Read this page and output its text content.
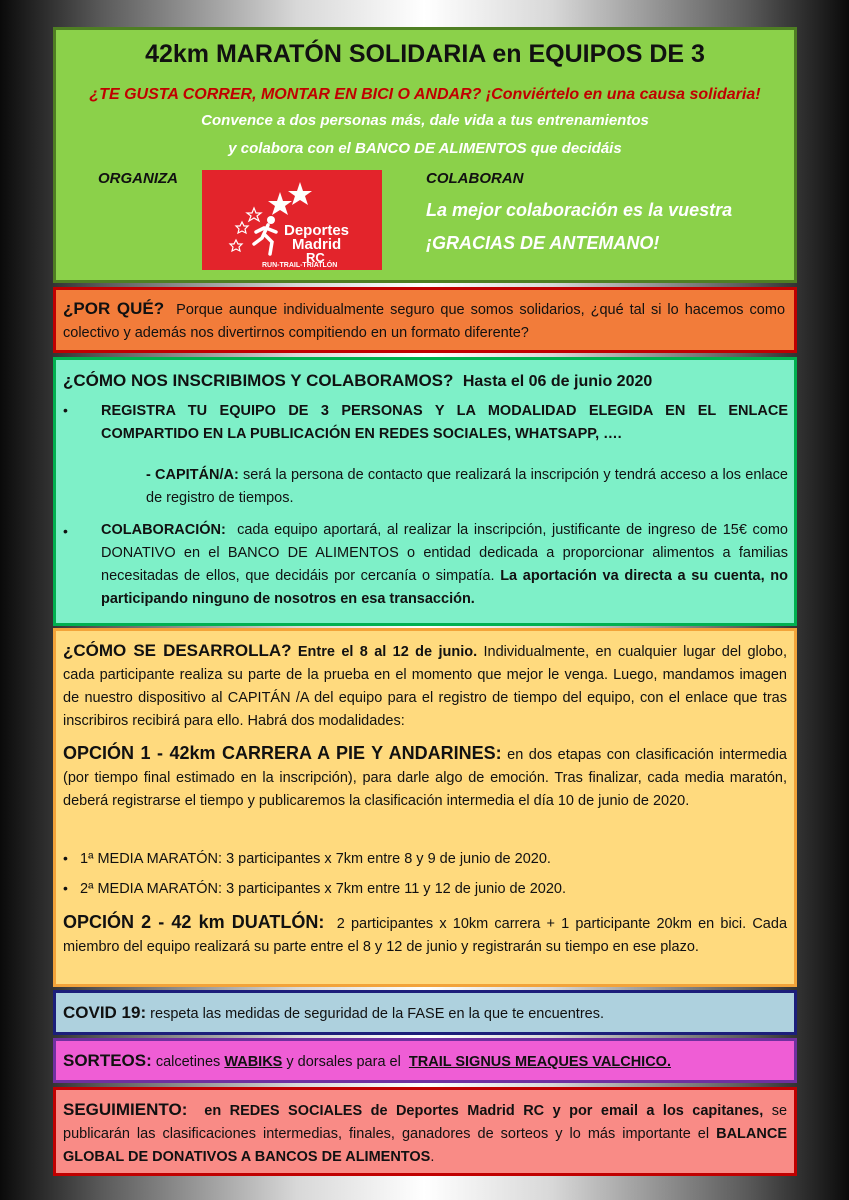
42km MARATÓN SOLIDARIA en EQUIPOS DE 3
¿TE GUSTA CORRER, MONTAR EN BICI O ANDAR? ¡Conviértelo en una causa solidaria!
Convence a dos personas más, dale vida a tus entrenamientos
y colabora con el BANCO DE ALIMENTOS que decidáis
ORGANIZA
Deportes
Madrid
RC
RUN-TRAIL-TRIATLÓN
COLABORAN
La mejor colaboración es la vuestra
¡GRACIAS DE ANTEMANO!
¿POR QUÉ? Porque aunque individualmente seguro que somos solidarios, ¿qué tal si lo hacemos como colectivo y además nos divertirnos compitiendo en un formato diferente?
¿CÓMO NOS INSCRIBIMOS Y COLABORAMOS? Hasta el 06 de junio 2020
• REGISTRA TU EQUIPO DE 3 PERSONAS Y LA MODALIDAD ELEGIDA EN EL ENLACE COMPARTIDO EN LA PUBLICACIÓN EN REDES SOCIALES, WHATSAPP, ….
- CAPITÁN/A: será la persona de contacto que realizará la inscripción y tendrá acceso a los enlace de registro de tiempos.
• COLABORACIÓN: cada equipo aportará, al realizar la inscripción, justificante de ingreso de 15€ como DONATIVO en el BANCO DE ALIMENTOS o entidad dedicada a proporcionar alimentos a familias necesitadas de ellos, que decidáis por cercanía o simpatía. La aportación va directa a su cuenta, no participando ninguno de nosotros en esa transacción.
¿CÓMO SE DESARROLLA? Entre el 8 al 12 de junio. Individualmente, en cualquier lugar del globo, cada participante realiza su parte de la prueba en el momento que mejor le venga. Luego, mandamos imagen de nuestro dispositivo al CAPITÁN /A del equipo para el registro de tiempo del equipo, con el enlace que tras inscribiros recibirá para ello. Habrá dos modalidades:
OPCIÓN 1 - 42km CARRERA A PIE Y ANDARINES: en dos etapas con clasificación intermedia (por tiempo final estimado en la inscripción), para darle algo de emoción. Tras finalizar, cada media maratón, deberá registrarse el tiempo y publicaremos la clasificación intermedia el día 10 de junio de 2020.
• 1ª MEDIA MARATÓN: 3 participantes x 7km entre 8 y 9 de junio de 2020.
• 2ª MEDIA MARATÓN: 3 participantes x 7km entre 11 y 12 de junio de 2020.
OPCIÓN 2 - 42 km DUATLÓN: 2 participantes x 10km carrera + 1 participante 20km en bici. Cada miembro del equipo realizará su parte entre el 8 y 12 de junio y registrarán su tiempo en ese plazo.
COVID 19: respeta las medidas de seguridad de la FASE en la que te encuentres.
SORTEOS: calcetines WABIKS y dorsales para el TRAIL SIGNUS MEAQUES VALCHICO.
SEGUIMIENTO: en REDES SOCIALES de Deportes Madrid RC y por email a los capitanes, se publicarán las clasificaciones intermedias, finales, ganadores de sorteos y lo más importante el BALANCE GLOBAL DE DONATIVOS A BANCOS DE ALIMENTOS.
